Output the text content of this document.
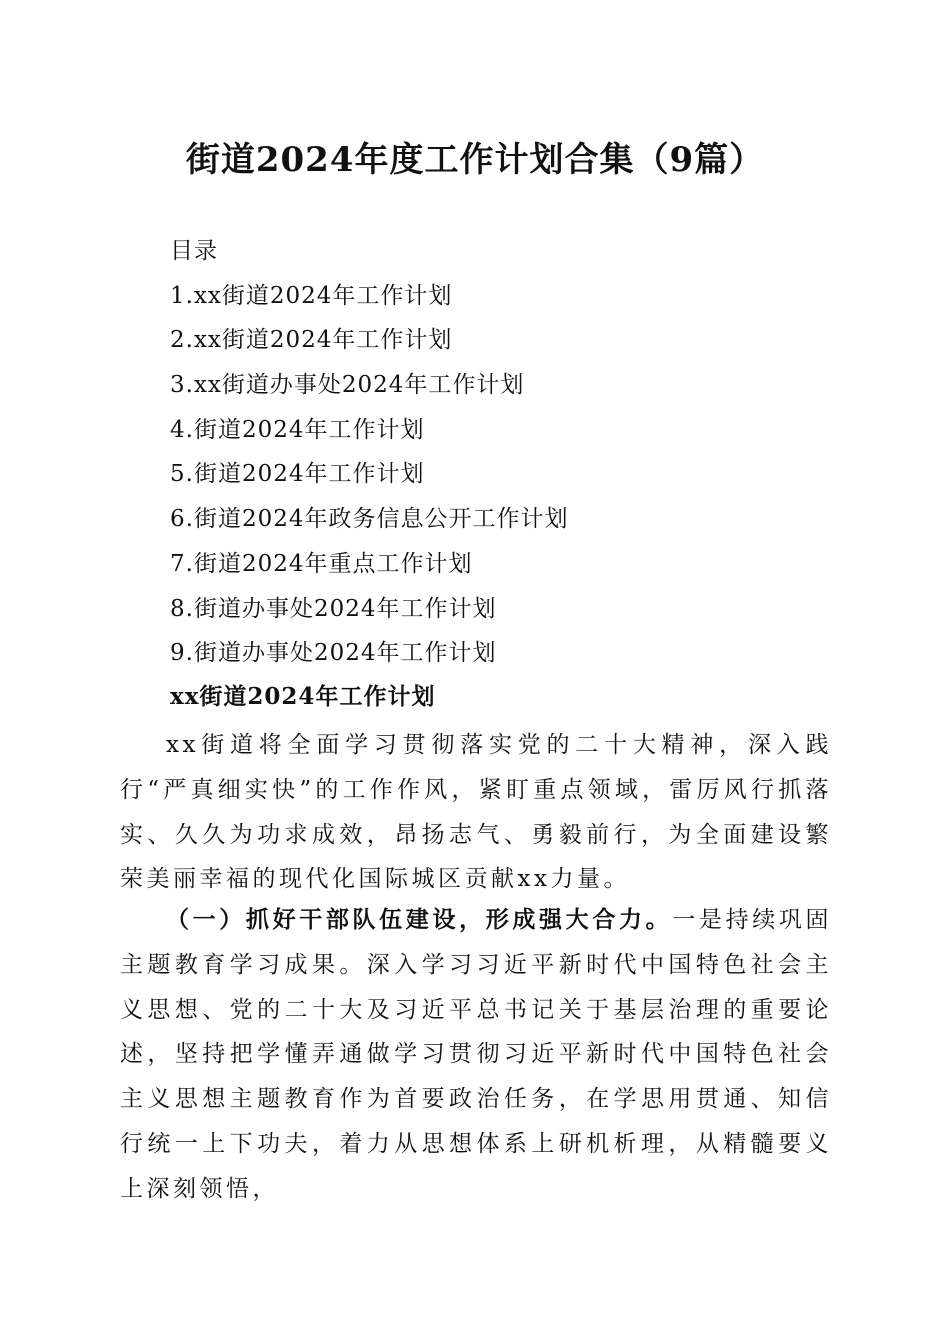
街道2024年度工作计划合集（9篇）
目录
1.xx街道2024年工作计划
2.xx街道2024年工作计划
3.xx街道办事处2024年工作计划
4.街道2024年工作计划
5.街道2024年工作计划
6.街道2024年政务信息公开工作计划
7.街道2024年重点工作计划
8.街道办事处2024年工作计划
9.街道办事处2024年工作计划
xx街道2024年工作计划

xx街道将全面学习贯彻落实党的二十大精神，深入践行“严真细实快”的工作作风，紧盯重点领域，雷厉风行抓落实、久久为功求成效，昂扬志气、勇毅前行，为全面建设繁荣美丽幸福的现代化国际城区贡献xx力量。

（一）抓好干部队伍建设，形成强大合力。一是持续巩固主题教育学习成果。深入学习习近平新时代中国特色社会主义思想、党的二十大及习近平总书记关于基层治理的重要论述，坚持把学懂弄通做学习贯彻习近平新时代中国特色社会主义思想主题教育作为首要政治任务，在学思用贯通、知信行统一上下功夫，着力从思想体系上研机析理，从精髓要义上深刻领悟，
